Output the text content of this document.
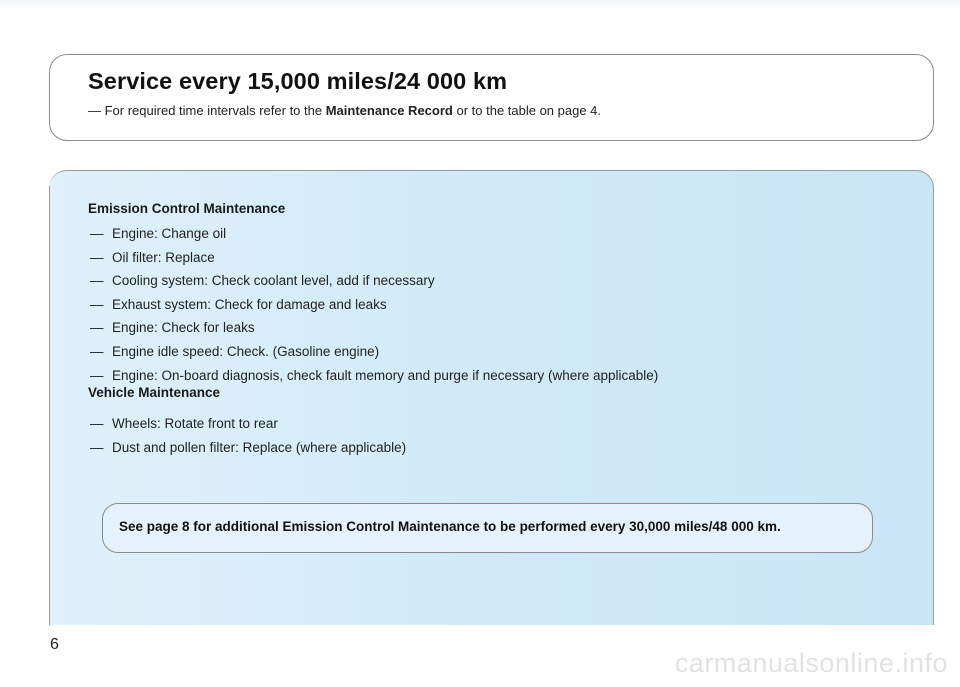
Service every 15,000 miles/24 000 km
— For required time intervals refer to the Maintenance Record or to the table on page 4.
Emission Control Maintenance
— Engine: Change oil
— Oil filter: Replace
— Cooling system: Check coolant level, add if necessary
— Exhaust system: Check for damage and leaks
— Engine: Check for leaks
— Engine idle speed: Check. (Gasoline engine)
— Engine: On-board diagnosis, check fault memory and purge if necessary (where applicable)
Vehicle Maintenance
— Wheels: Rotate front to rear
— Dust and pollen filter: Replace (where applicable)
See page 8 for additional Emission Control Maintenance to be performed every 30,000 miles/48 000 km.
6
carmanualsonline.info
